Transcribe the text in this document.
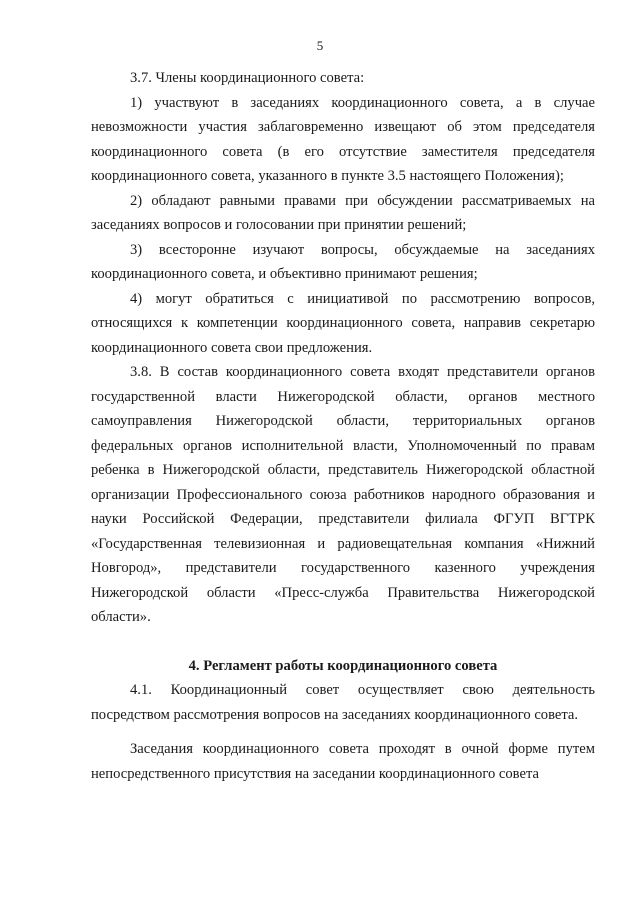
5

3.7. Члены координационного совета:

1) участвуют в заседаниях координационного совета, а в случае невозможности участия заблаговременно извещают об этом председателя координационного совета (в его отсутствие заместителя председателя координационного совета, указанного в пункте 3.5 настоящего Положения);

2) обладают равными правами при обсуждении рассматриваемых на заседаниях вопросов и голосовании при принятии решений;

3) всесторонне изучают вопросы, обсуждаемые на заседаниях координационного совета, и объективно принимают решения;

4) могут обратиться с инициативой по рассмотрению вопросов, относящихся к компетенции координационного совета, направив секретарю координационного совета свои предложения.

3.8. В состав координационного совета входят представители органов государственной власти Нижегородской области, органов местного самоуправления Нижегородской области, территориальных органов федеральных органов исполнительной власти, Уполномоченный по правам ребенка в Нижегородской области, представитель Нижегородской областной организации Профессионального союза работников народного образования и науки Российской Федерации, представители филиала ФГУП ВГТРК «Государственная телевизионная и радиовещательная компания «Нижний Новгород», представители государственного казенного учреждения Нижегородской области «Пресс-служба Правительства Нижегородской области».

4. Регламент работы координационного совета

4.1. Координационный совет осуществляет свою деятельность посредством рассмотрения вопросов на заседаниях координационного совета.

Заседания координационного совета проходят в очной форме путем непосредственного присутствия на заседании координационного совета
